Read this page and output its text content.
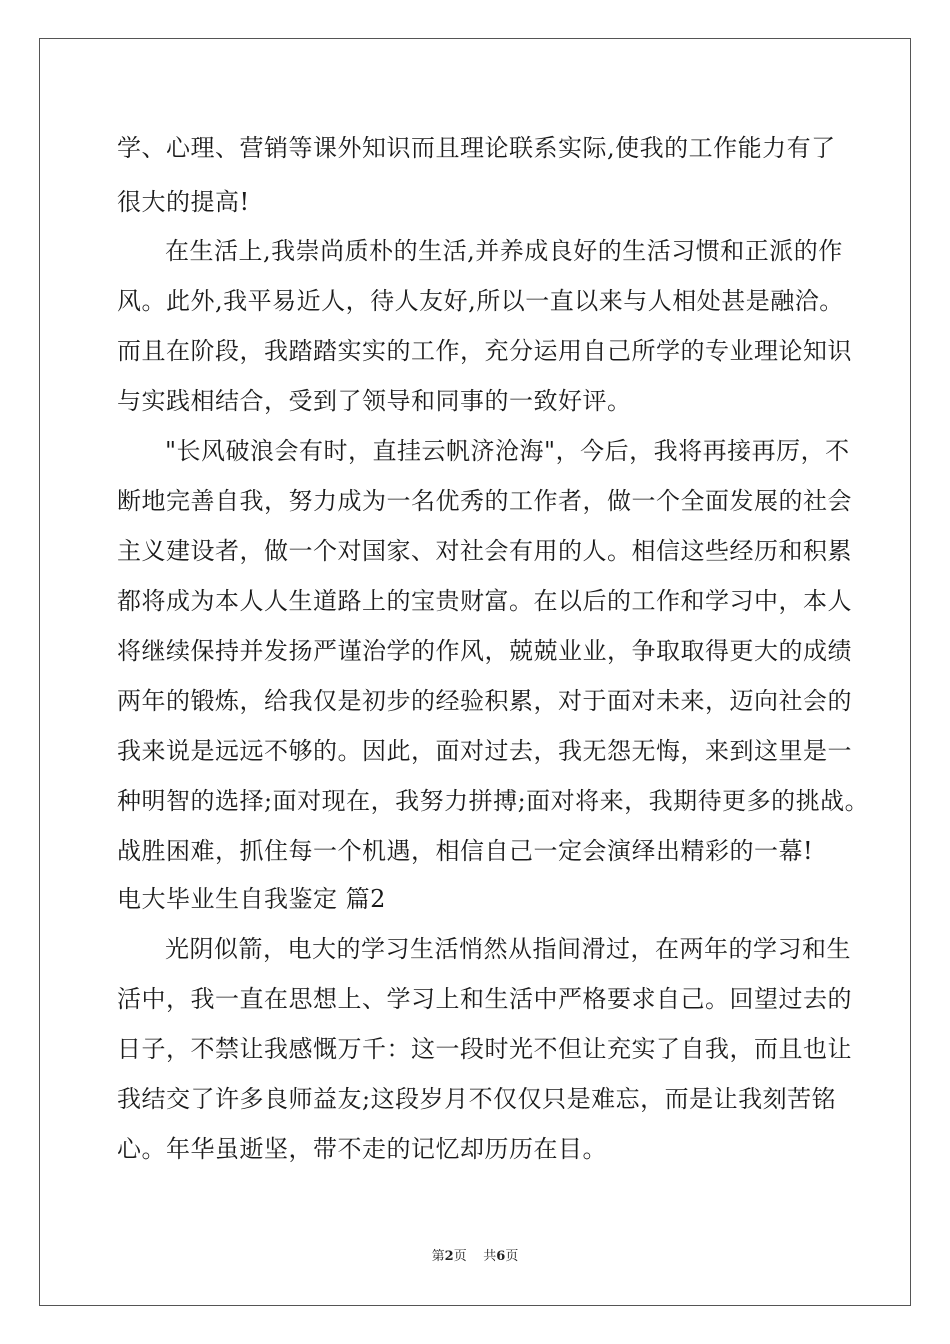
学、心理、营销等课外知识而且理论联系实际,使我的工作能力有了
很大的提高!
在生活上,我崇尚质朴的生活,并养成良好的生活习惯和正派的作
风。此外,我平易近人，待人友好,所以一直以来与人相处甚是融洽。
而且在阶段，我踏踏实实的工作，充分运用自己所学的专业理论知识
与实践相结合，受到了领导和同事的一致好评。
"长风破浪会有时，直挂云帆济沧海"，今后，我将再接再厉，不
断地完善自我，努力成为一名优秀的工作者，做一个全面发展的社会
主义建设者，做一个对国家、对社会有用的人。相信这些经历和积累
都将成为本人人生道路上的宝贵财富。在以后的工作和学习中，本人
将继续保持并发扬严谨治学的作风，兢兢业业，争取取得更大的成绩
两年的锻炼，给我仅是初步的经验积累，对于面对未来，迈向社会的
我来说是远远不够的。因此，面对过去，我无怨无悔，来到这里是一
种明智的选择;面对现在，我努力拼搏;面对将来，我期待更多的挑战。
战胜困难，抓住每一个机遇，相信自己一定会演绎出精彩的一幕!
电大毕业生自我鉴定 篇2
光阴似箭，电大的学习生活悄然从指间滑过，在两年的学习和生
活中，我一直在思想上、学习上和生活中严格要求自己。回望过去的
日子，不禁让我感慨万千：这一段时光不但让充实了自我，而且也让
我结交了许多良师益友;这段岁月不仅仅只是难忘，而是让我刻苦铭
心。年华虽逝坚，带不走的记忆却历历在目。
第2页 共6页
